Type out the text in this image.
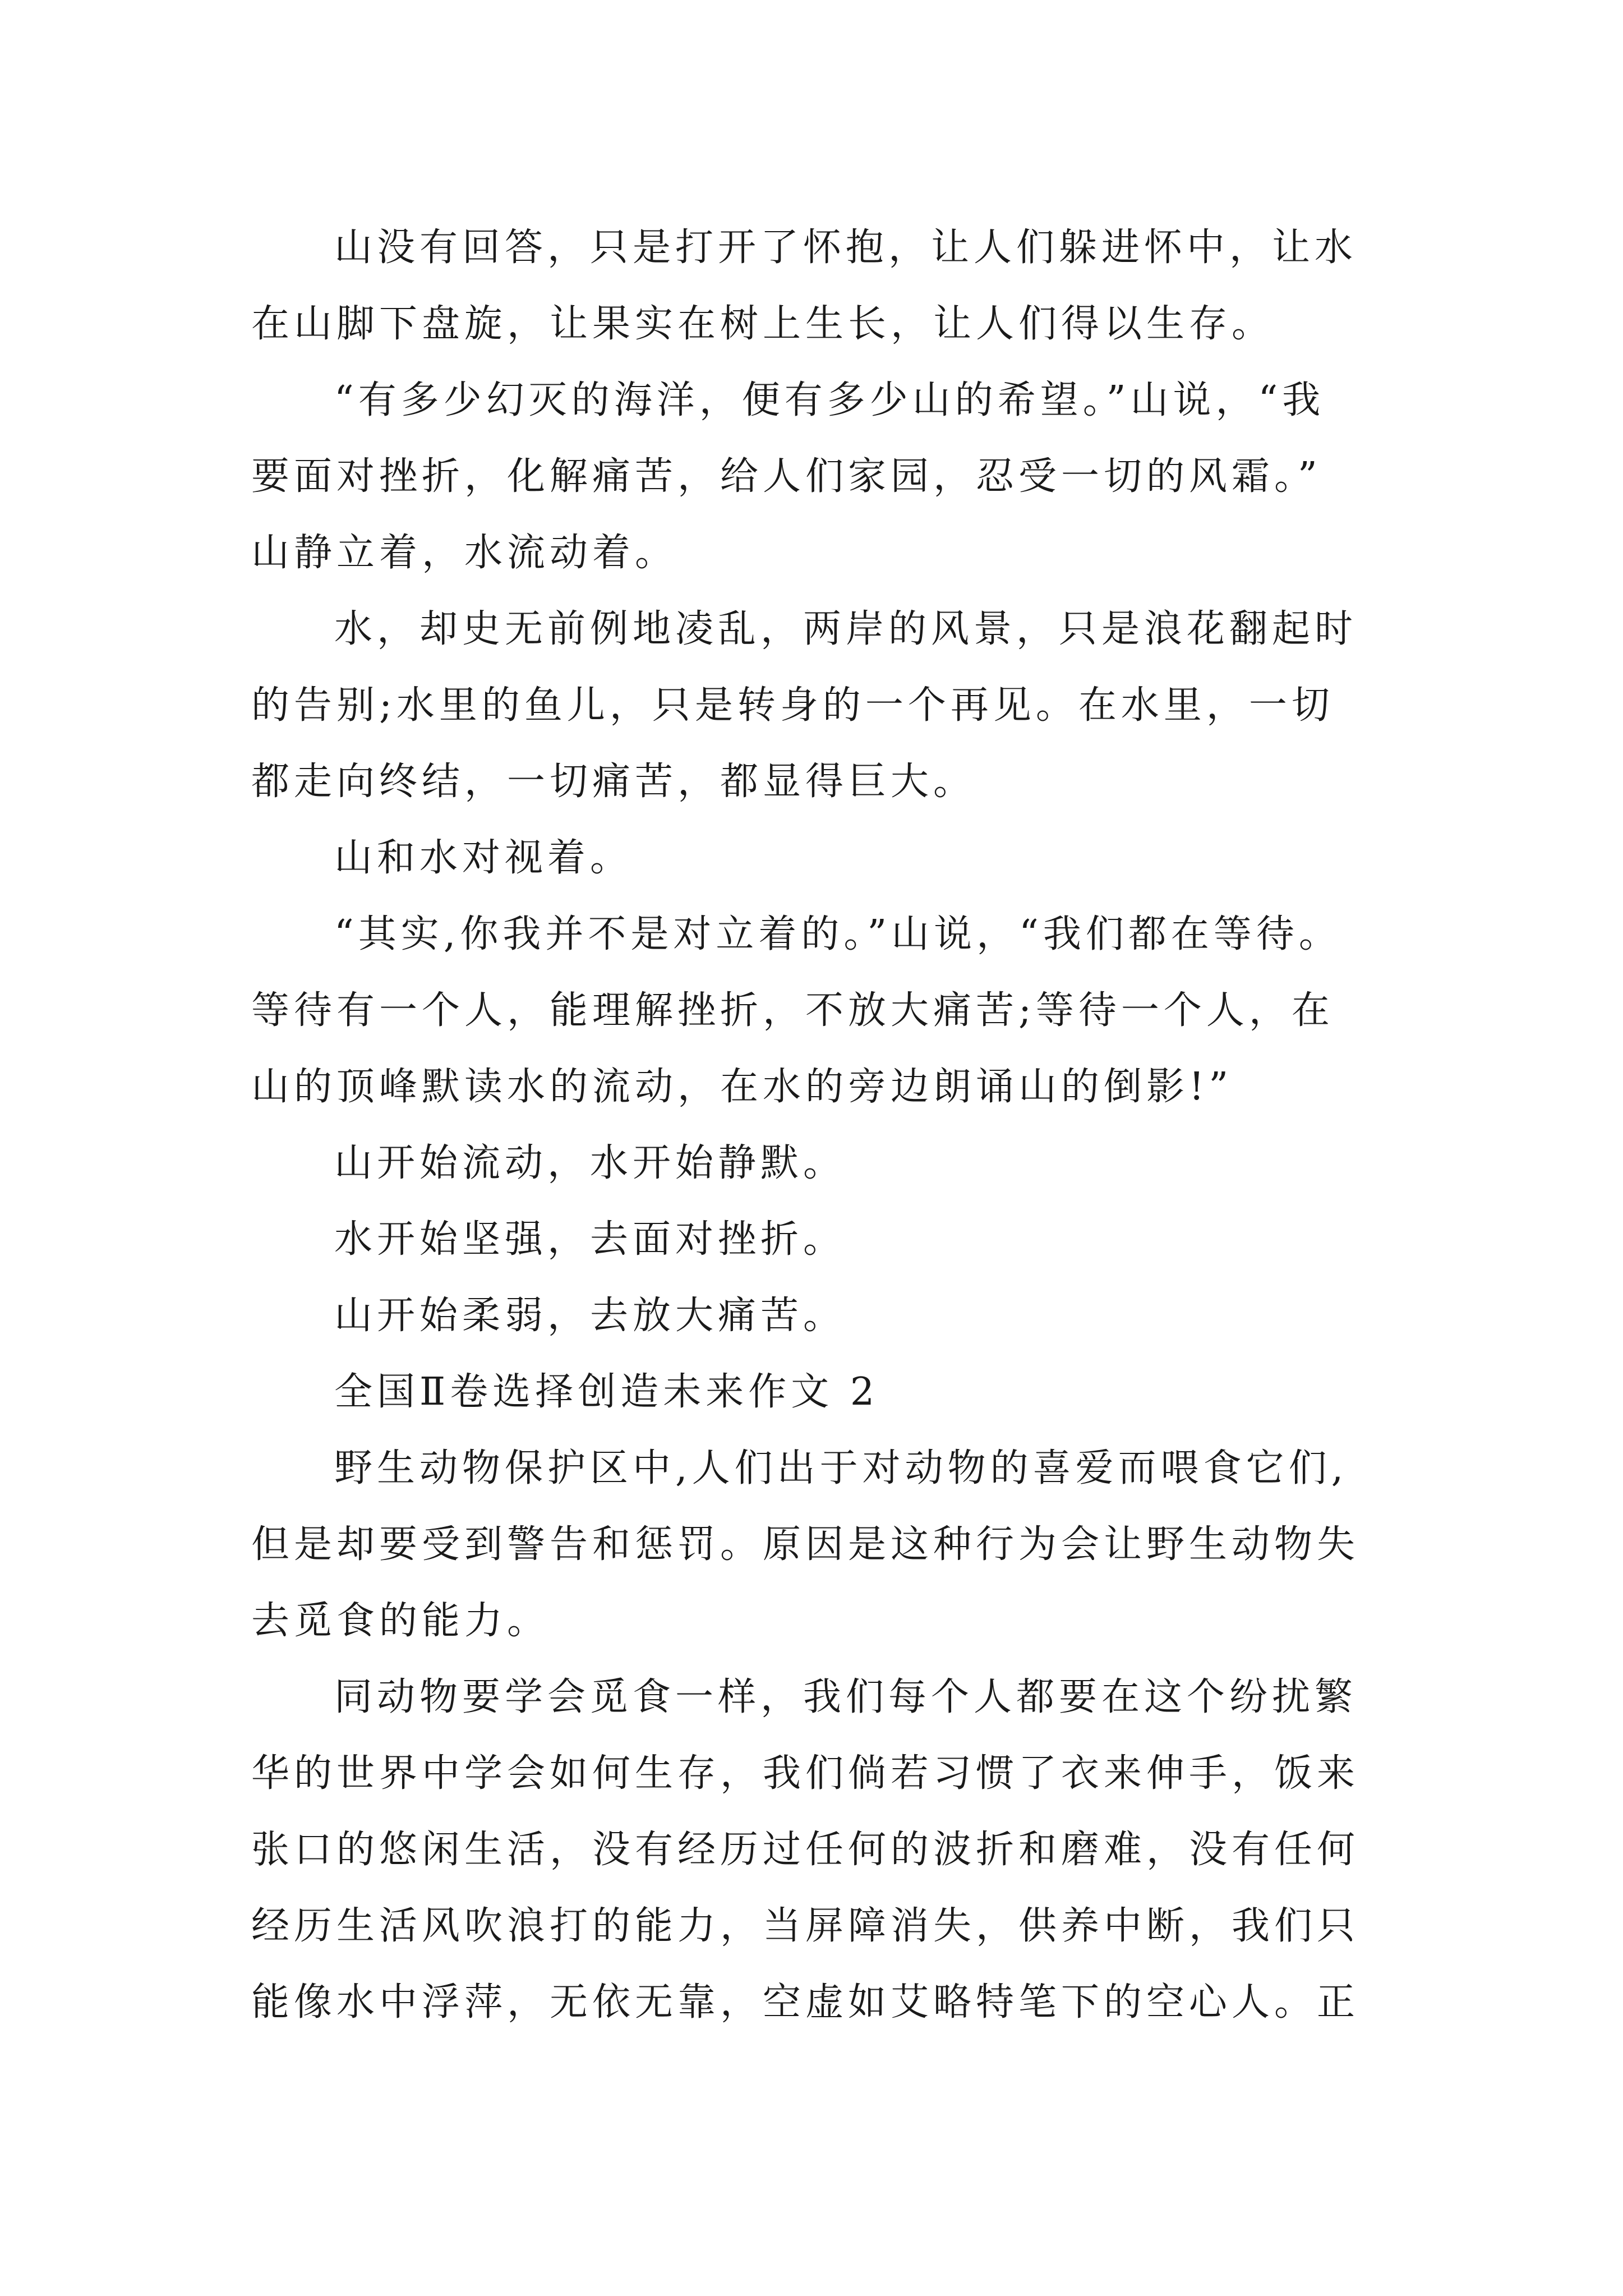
山没有回答，只是打开了怀抱，让人们躲进怀中，让水
在山脚下盘旋，让果实在树上生长，让人们得以生存。
“有多少幻灭的海洋，便有多少山的希望。”山说，“我
要面对挫折，化解痛苦，给人们家园，忍受一切的风霜。”
山静立着，水流动着。
水，却史无前例地凌乱，两岸的风景，只是浪花翻起时
的告别;水里的鱼儿，只是转身的一个再见。在水里，一切
都走向终结，一切痛苦，都显得巨大。
山和水对视着。
“其实,你我并不是对立着的。”山说，“我们都在等待。
等待有一个人，能理解挫折，不放大痛苦;等待一个人，在
山的顶峰默读水的流动，在水的旁边朗诵山的倒影!”
山开始流动，水开始静默。
水开始坚强，去面对挫折。
山开始柔弱，去放大痛苦。
全国Ⅱ卷选择创造未来作文 2
野生动物保护区中,人们出于对动物的喜爱而喂食它们,
但是却要受到警告和惩罚。原因是这种行为会让野生动物失
去觅食的能力。
同动物要学会觅食一样，我们每个人都要在这个纷扰繁
华的世界中学会如何生存，我们倘若习惯了衣来伸手，饭来
张口的悠闲生活，没有经历过任何的波折和磨难，没有任何
经历生活风吹浪打的能力，当屏障消失，供养中断，我们只
能像水中浮萍，无依无靠，空虚如艾略特笔下的空心人。正
